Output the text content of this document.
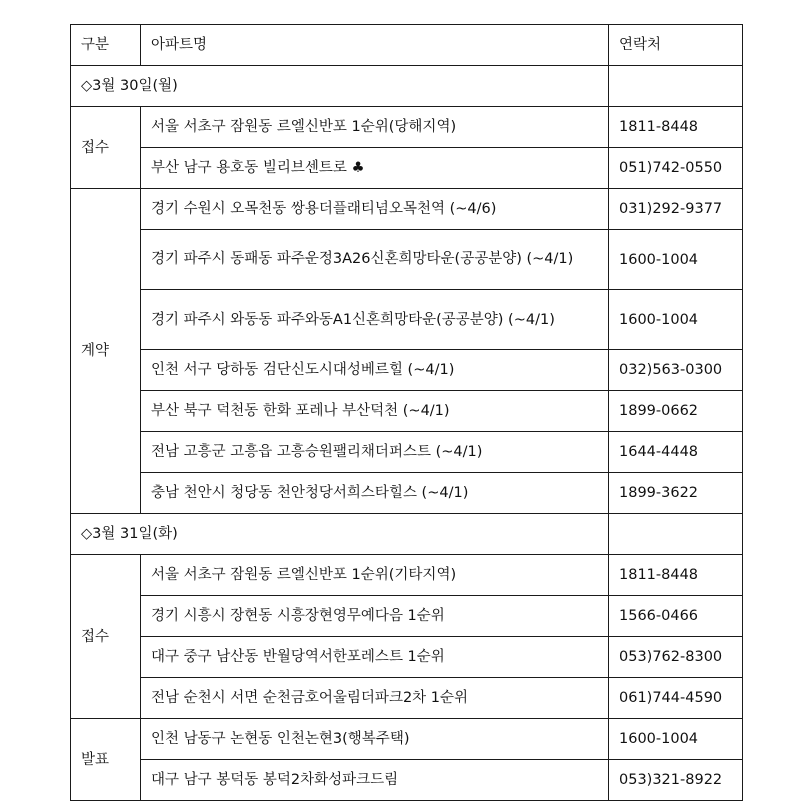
구분	아파트명	연락처
◇3월 30일(월)		
접수	서울 서초구 잠원동 르엘신반포 1순위(당해지역)	1811-8448
	부산 남구 용호동 빌리브센트로 ♣	051)742-0550
계약	경기 수원시 오목천동 쌍용더플래티넘오목천역 (~4/6)	031)292-9377
	경기 파주시 동패동 파주운정3A26신혼희망타운(공공분양) (~4/1)	1600-1004
	경기 파주시 와동동 파주와동A1신혼희망타운(공공분양) (~4/1)	1600-1004
	인천 서구 당하동 검단신도시대성베르힐 (~4/1)	032)563-0300
	부산 북구 덕천동 한화 포레나 부산덕천 (~4/1)	1899-0662
	전남 고흥군 고흥읍 고흥승원팰리채더퍼스트 (~4/1)	1644-4448
	충남 천안시 청당동 천안청당서희스타힐스 (~4/1)	1899-3622
◇3월 31일(화)		
접수	서울 서초구 잠원동 르엘신반포 1순위(기타지역)	1811-8448
	경기 시흥시 장현동 시흥장현영무예다음 1순위	1566-0466
	대구 중구 남산동 반월당역서한포레스트 1순위	053)762-8300
	전남 순천시 서면 순천금호어울림더파크2차 1순위	061)744-4590
발표	인천 남동구 논현동 인천논현3(행복주택)	1600-1004
	대구 남구 봉덕동 봉덕2차화성파크드림	053)321-8922
